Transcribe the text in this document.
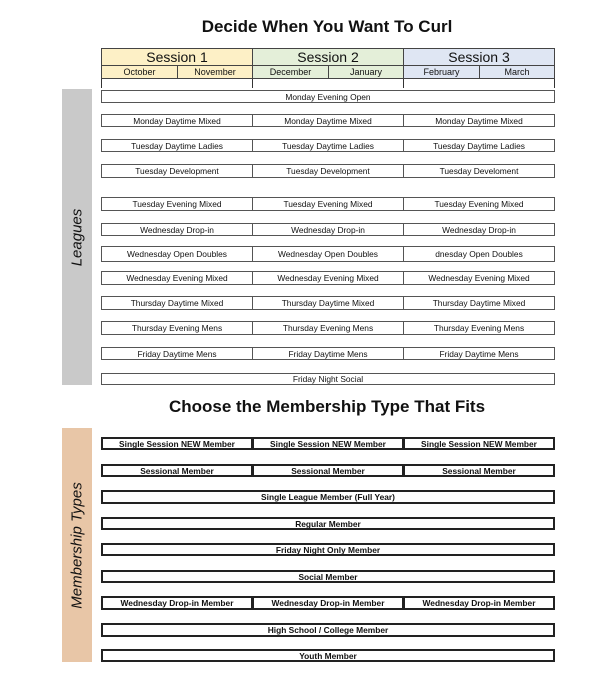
Decide When You Want To Curl
Session 1
October	November
Session 2
December	January
Session 3
February	March
Leagues
Membership Types
Monday Evening Open
Monday Daytime Mixed	Monday Daytime Mixed	Monday Daytime Mixed
Tuesday Daytime Ladies	Tuesday Daytime Ladies	Tuesday Daytime Ladies
Tuesday Development	Tuesday Development	Tuesday Develoment
Tuesday Evening Mixed	Tuesday Evening Mixed	Tuesday Evening Mixed
Wednesday Drop-in	Wednesday Drop-in	Wednesday Drop-in
Wednesday Open Doubles	Wednesday Open Doubles	dnesday Open Doubles
Wednesday Evening Mixed	Wednesday Evening Mixed	Wednesday Evening Mixed
Thursday Daytime Mixed	Thursday Daytime Mixed	Thursday Daytime Mixed
Thursday Evening Mens	Thursday Evening Mens	Thursday Evening Mens
Friday Daytime Mens	Friday Daytime Mens	Friday Daytime Mens
Friday Night Social
Choose the Membership Type That Fits
Single Session NEW Member	Single Session NEW Member	Single Session NEW Member
Sessional Member	Sessional Member	Sessional Member
Single League Member (Full Year)
Regular Member
Friday Night Only Member
Social Member
Wednesday Drop-in Member	Wednesday Drop-in Member	Wednesday Drop-in Member
High School / College Member
Youth Member
